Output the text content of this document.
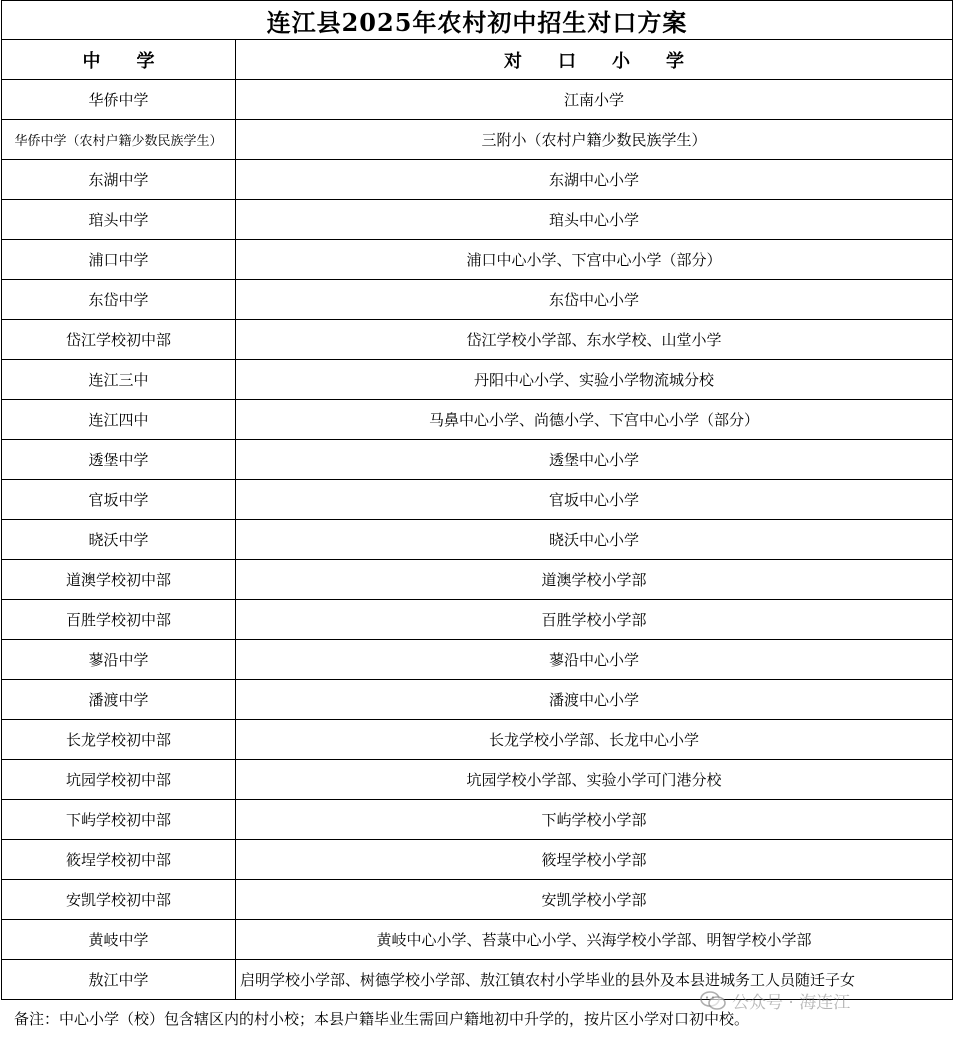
连江县2025年农村初中招生对口方案
中　　学	对　　口　　小　　学
华侨中学	江南小学
华侨中学（农村户籍少数民族学生）	三附小（农村户籍少数民族学生）
东湖中学	东湖中心小学
琯头中学	琯头中心小学
浦口中学	浦口中心小学、下宫中心小学（部分）
东岱中学	东岱中心小学
岱江学校初中部	岱江学校小学部、东水学校、山堂小学
连江三中	丹阳中心小学、实验小学物流城分校
连江四中	马鼻中心小学、尚德小学、下宫中心小学（部分）
透堡中学	透堡中心小学
官坂中学	官坂中心小学
晓沃中学	晓沃中心小学
道澳学校初中部	道澳学校小学部
百胜学校初中部	百胜学校小学部
蓼沿中学	蓼沿中心小学
潘渡中学	潘渡中心小学
长龙学校初中部	长龙学校小学部、长龙中心小学
坑园学校初中部	坑园学校小学部、实验小学可门港分校
下屿学校初中部	下屿学校小学部
筱埕学校初中部	筱埕学校小学部
安凯学校初中部	安凯学校小学部
黄岐中学	黄岐中心小学、苔菉中心小学、兴海学校小学部、明智学校小学部
敖江中学	启明学校小学部、树德学校小学部、敖江镇农村小学毕业的县外及本县进城务工人员随迁子女
备注：中心小学（校）包含辖区内的村小校；本县户籍毕业生需回户籍地初中升学的，按片区小学对口初中校。
公众号 · 海连江
